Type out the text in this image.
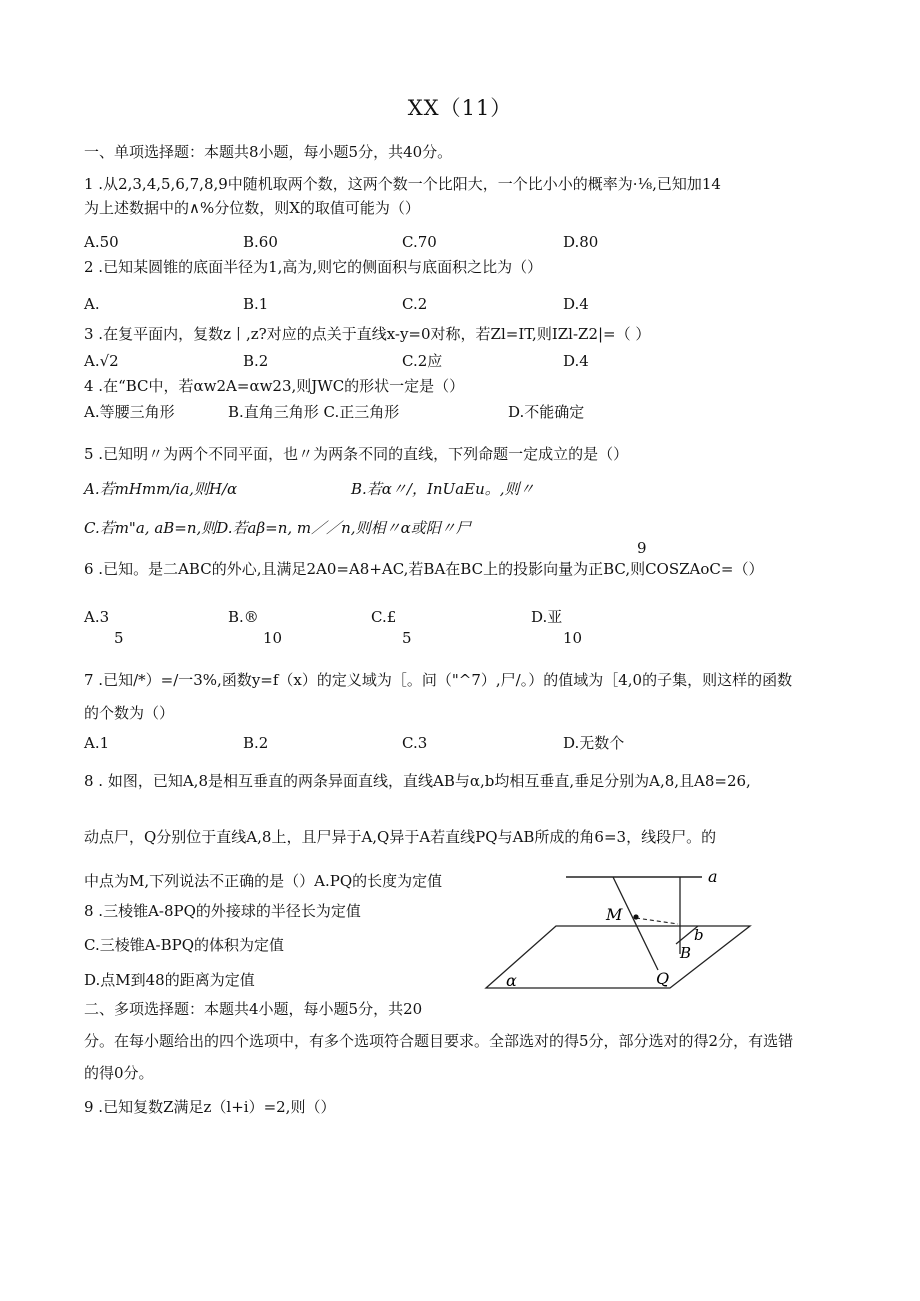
XX（11）
一、单项选择题：本题共8小题，每小题5分，共40分。
1 .从2,3,4,5,6,7,8,9中随机取两个数，这两个数一个比阳大，一个比小小的概率为·⅛,已知加14
为上述数据中的∧%分位数，则X的取值可能为（）
A.50	B.60	C.70	D.80
2 .已知某圆锥的底面半径为1,高为,则它的侧面积与底面积之比为（）
A.	B.1	C.2	D.4
3 .在复平面内，复数z丨,z?对应的点关于直线x-y=0对称，若Zl=IT,则IZl-Z2|=（ ）
A.√2	B.2	C.2应	D.4
4 .在“BC中，若αw2A=αw23,则JWC的形状一定是（）
A.等腰三角形	B.直角三角形 C.正三角形	D.不能确定
5 .已知明〃为两个不同平面，也〃为两条不同的直线，下列命题一定成立的是（）
A.若mHmm/ia,则H∕α	B.若α〃/，InUaEu。,则〃
C.若m"a, aB=n,则D.若aβ=n, m／／n,则相〃α或阳〃尸
9
6 .已知。是二ABC的外心,且满足2A0=A8+AC,若BA在BC上的投影向量为正BC,则COSZAoC=（）
A.3	B.®	C.£	D.亚
5	10	5	10
7 .已知/*）=/一3%,函数y=f（x）的定义域为［。问（"^7）,尸/。）的值域为［4,0的子集，则这样的函数
的个数为（）
A.1	B.2	C.3	D.无数个
8 . 如图，已知A,8是相互垂直的两条异面直线，直线AB与α,b均相互垂直,垂足分别为A,8,且A8=26,
动点尸，Q分别位于直线A,8上，且尸异于A,Q异于A若直线PQ与AB所成的角6=3，线段尸。的
中点为M,下列说法不正确的是（）A.PQ的长度为定值
8 .三棱锥A-8PQ的外接球的半径长为定值
C.三棱锥A-BPQ的体积为定值
D.点M到48的距离为定值
a
M
b
B
α	Q
二、多项选择题：本题共4小题，每小题5分，共20
分。在每小题给出的四个选项中，有多个选项符合题目要求。全部选对的得5分，部分选对的得2分，有选错
的得0分。
9 .已知复数Z满足z（l+i）=2,则（）
